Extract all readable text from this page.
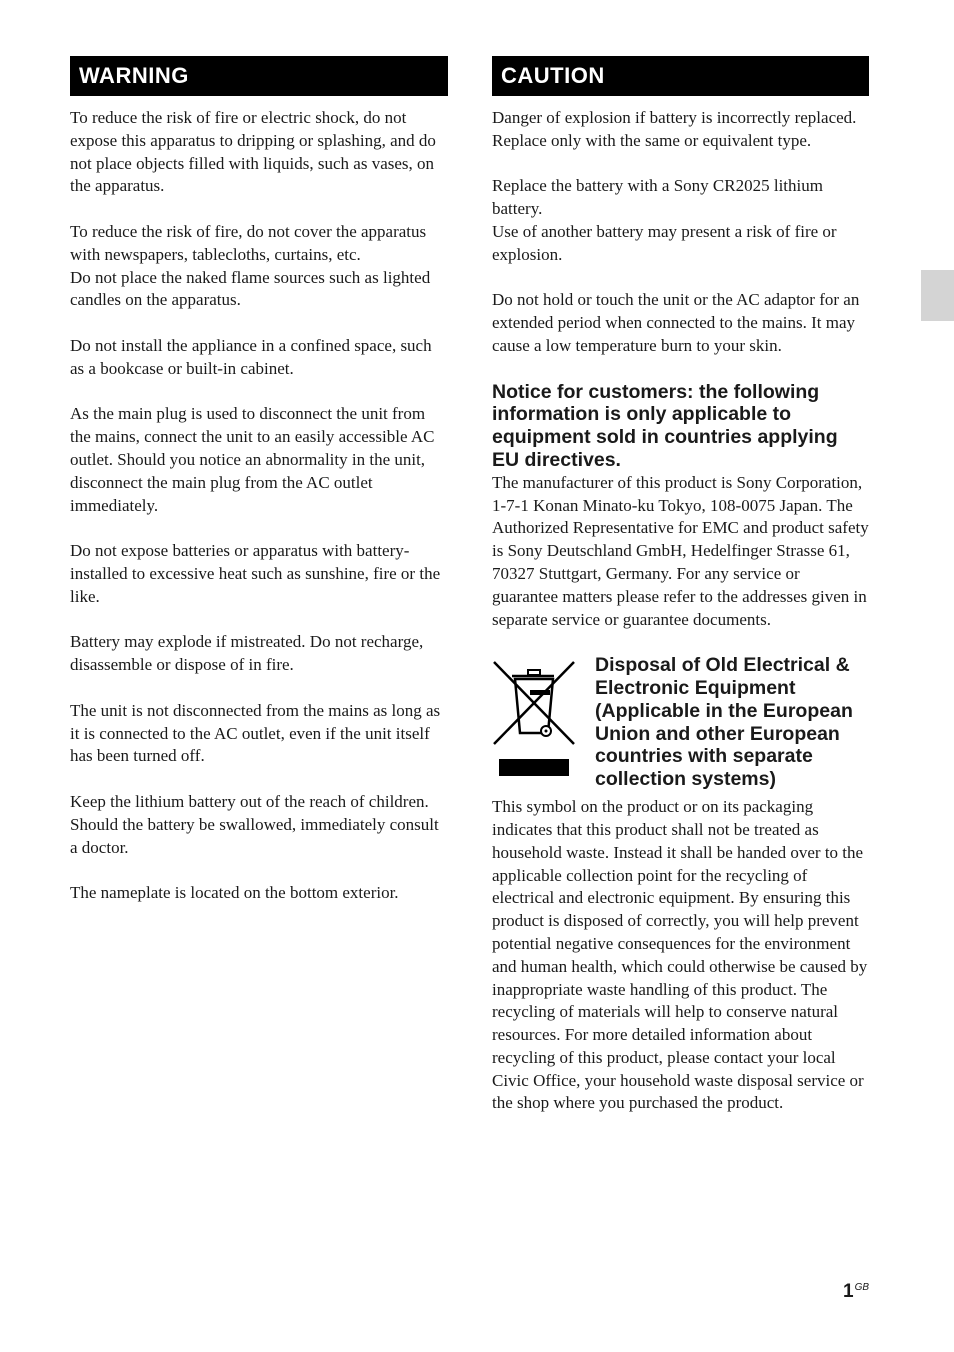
WARNING

To reduce the risk of fire or electric shock, do not expose this apparatus to dripping or splashing, and do not place objects filled with liquids, such as vases, on the apparatus.

To reduce the risk of fire, do not cover the apparatus with newspapers, tablecloths, curtains, etc.

Do not place the naked flame sources such as lighted candles on the apparatus.

Do not install the appliance in a confined space, such as a bookcase or built-in cabinet.

As the main plug is used to disconnect the unit from the mains, connect the unit to an easily accessible AC outlet. Should you notice an abnormality in the unit, disconnect the main plug from the AC outlet immediately.

Do not expose batteries or apparatus with battery-installed to excessive heat such as sunshine, fire or the like.

Battery may explode if mistreated. Do not recharge, disassemble or dispose of in fire.

The unit is not disconnected from the mains as long as it is connected to the AC outlet, even if the unit itself has been turned off.

Keep the lithium battery out of the reach of children. Should the battery be swallowed, immediately consult a doctor.

The nameplate is located on the bottom exterior.

CAUTION

Danger of explosion if battery is incorrectly replaced. Replace only with the same or equivalent type.

Replace the battery with a Sony CR2025 lithium battery.

Use of another battery may present a risk of fire or explosion.

Do not hold or touch the unit or the AC adaptor for an extended period when connected to the mains. It may cause a low temperature burn to your skin.

Notice for customers: the following information is only applicable to equipment sold in countries applying EU directives.

The manufacturer of this product is Sony Corporation, 1-7-1 Konan Minato-ku Tokyo, 108-0075 Japan. The Authorized Representative for EMC and product safety is Sony Deutschland GmbH, Hedelfinger Strasse 61, 70327 Stuttgart, Germany. For any service or guarantee matters please refer to the addresses given in separate service or guarantee documents.

Disposal of Old Electrical & Electronic Equipment (Applicable in the European Union and other European countries with separate collection systems)

This symbol on the product or on its packaging indicates that this product shall not be treated as household waste. Instead it shall be handed over to the applicable collection point for the recycling of electrical and electronic equipment. By ensuring this product is disposed of correctly, you will help prevent potential negative consequences for the environment and human health, which could otherwise be caused by inappropriate waste handling of this product. The recycling of materials will help to conserve natural resources. For more detailed information about recycling of this product, please contact your local Civic Office, your household waste disposal service or the shop where you purchased the product.

$1^{GB}$
